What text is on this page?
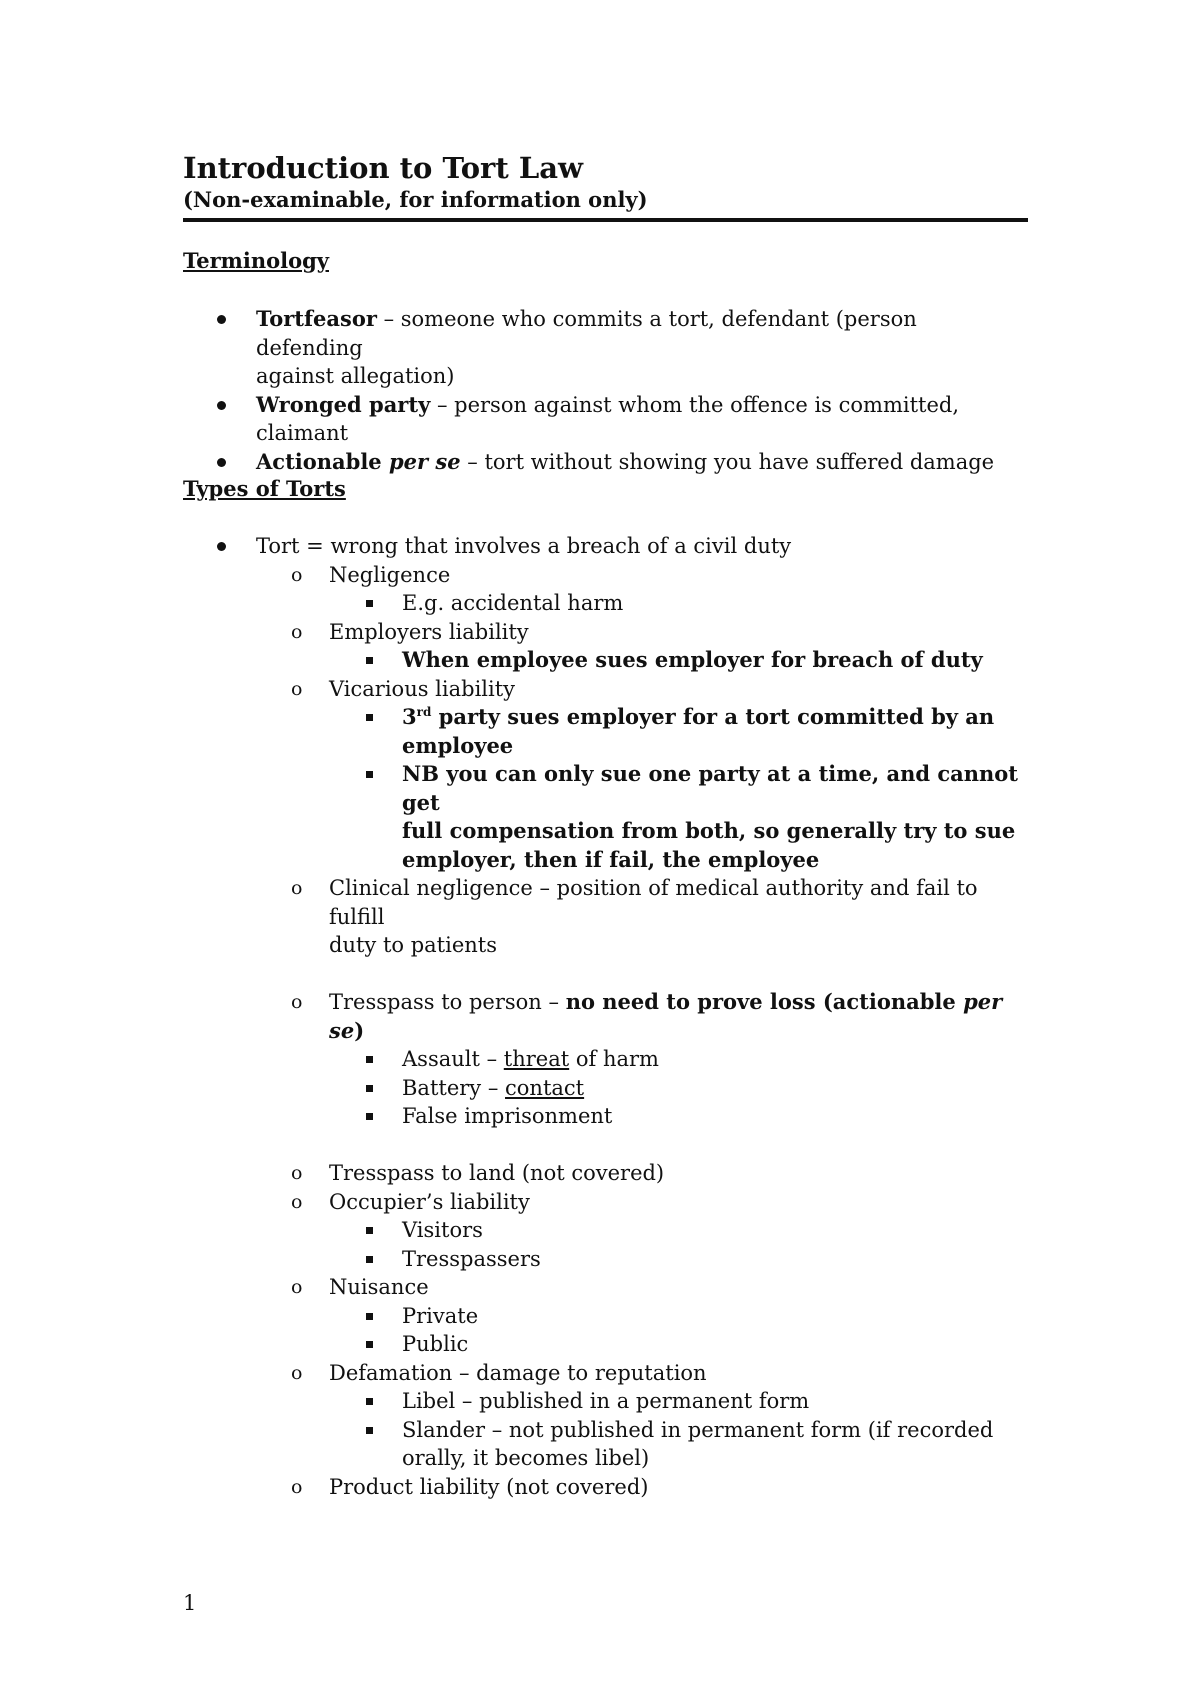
Introduction to Tort Law

(Non-examinable, for information only)

Terminology
Tortfeasor – someone who commits a tort, defendant (person defending
against allegation)
Wronged party – person against whom the offence is committed,
claimant
Actionable per se – tort without showing you have suffered damage
Types of Torts
Tort = wrong that involves a breach of a civil duty
o Negligence
E.g. accidental harm
o Employers liability
When employee sues employer for breach of duty
o Vicarious liability
3rd party sues employer for a tort committed by an
employee
NB you can only sue one party at a time, and cannot get
full compensation from both, so generally try to sue
employer, then if fail, the employee
o Clinical negligence – position of medical authority and fail to fulfill
duty to patients
o Tresspass to person – no need to prove loss (actionable per se)
Assault – threat of harm
Battery – contact
False imprisonment
o Tresspass to land (not covered)
o Occupier’s liability
Visitors
Tresspassers
o Nuisance
Private
Public
o Defamation – damage to reputation
Libel – published in a permanent form
Slander – not published in permanent form (if recorded
orally, it becomes libel)
o Product liability (not covered)
1
